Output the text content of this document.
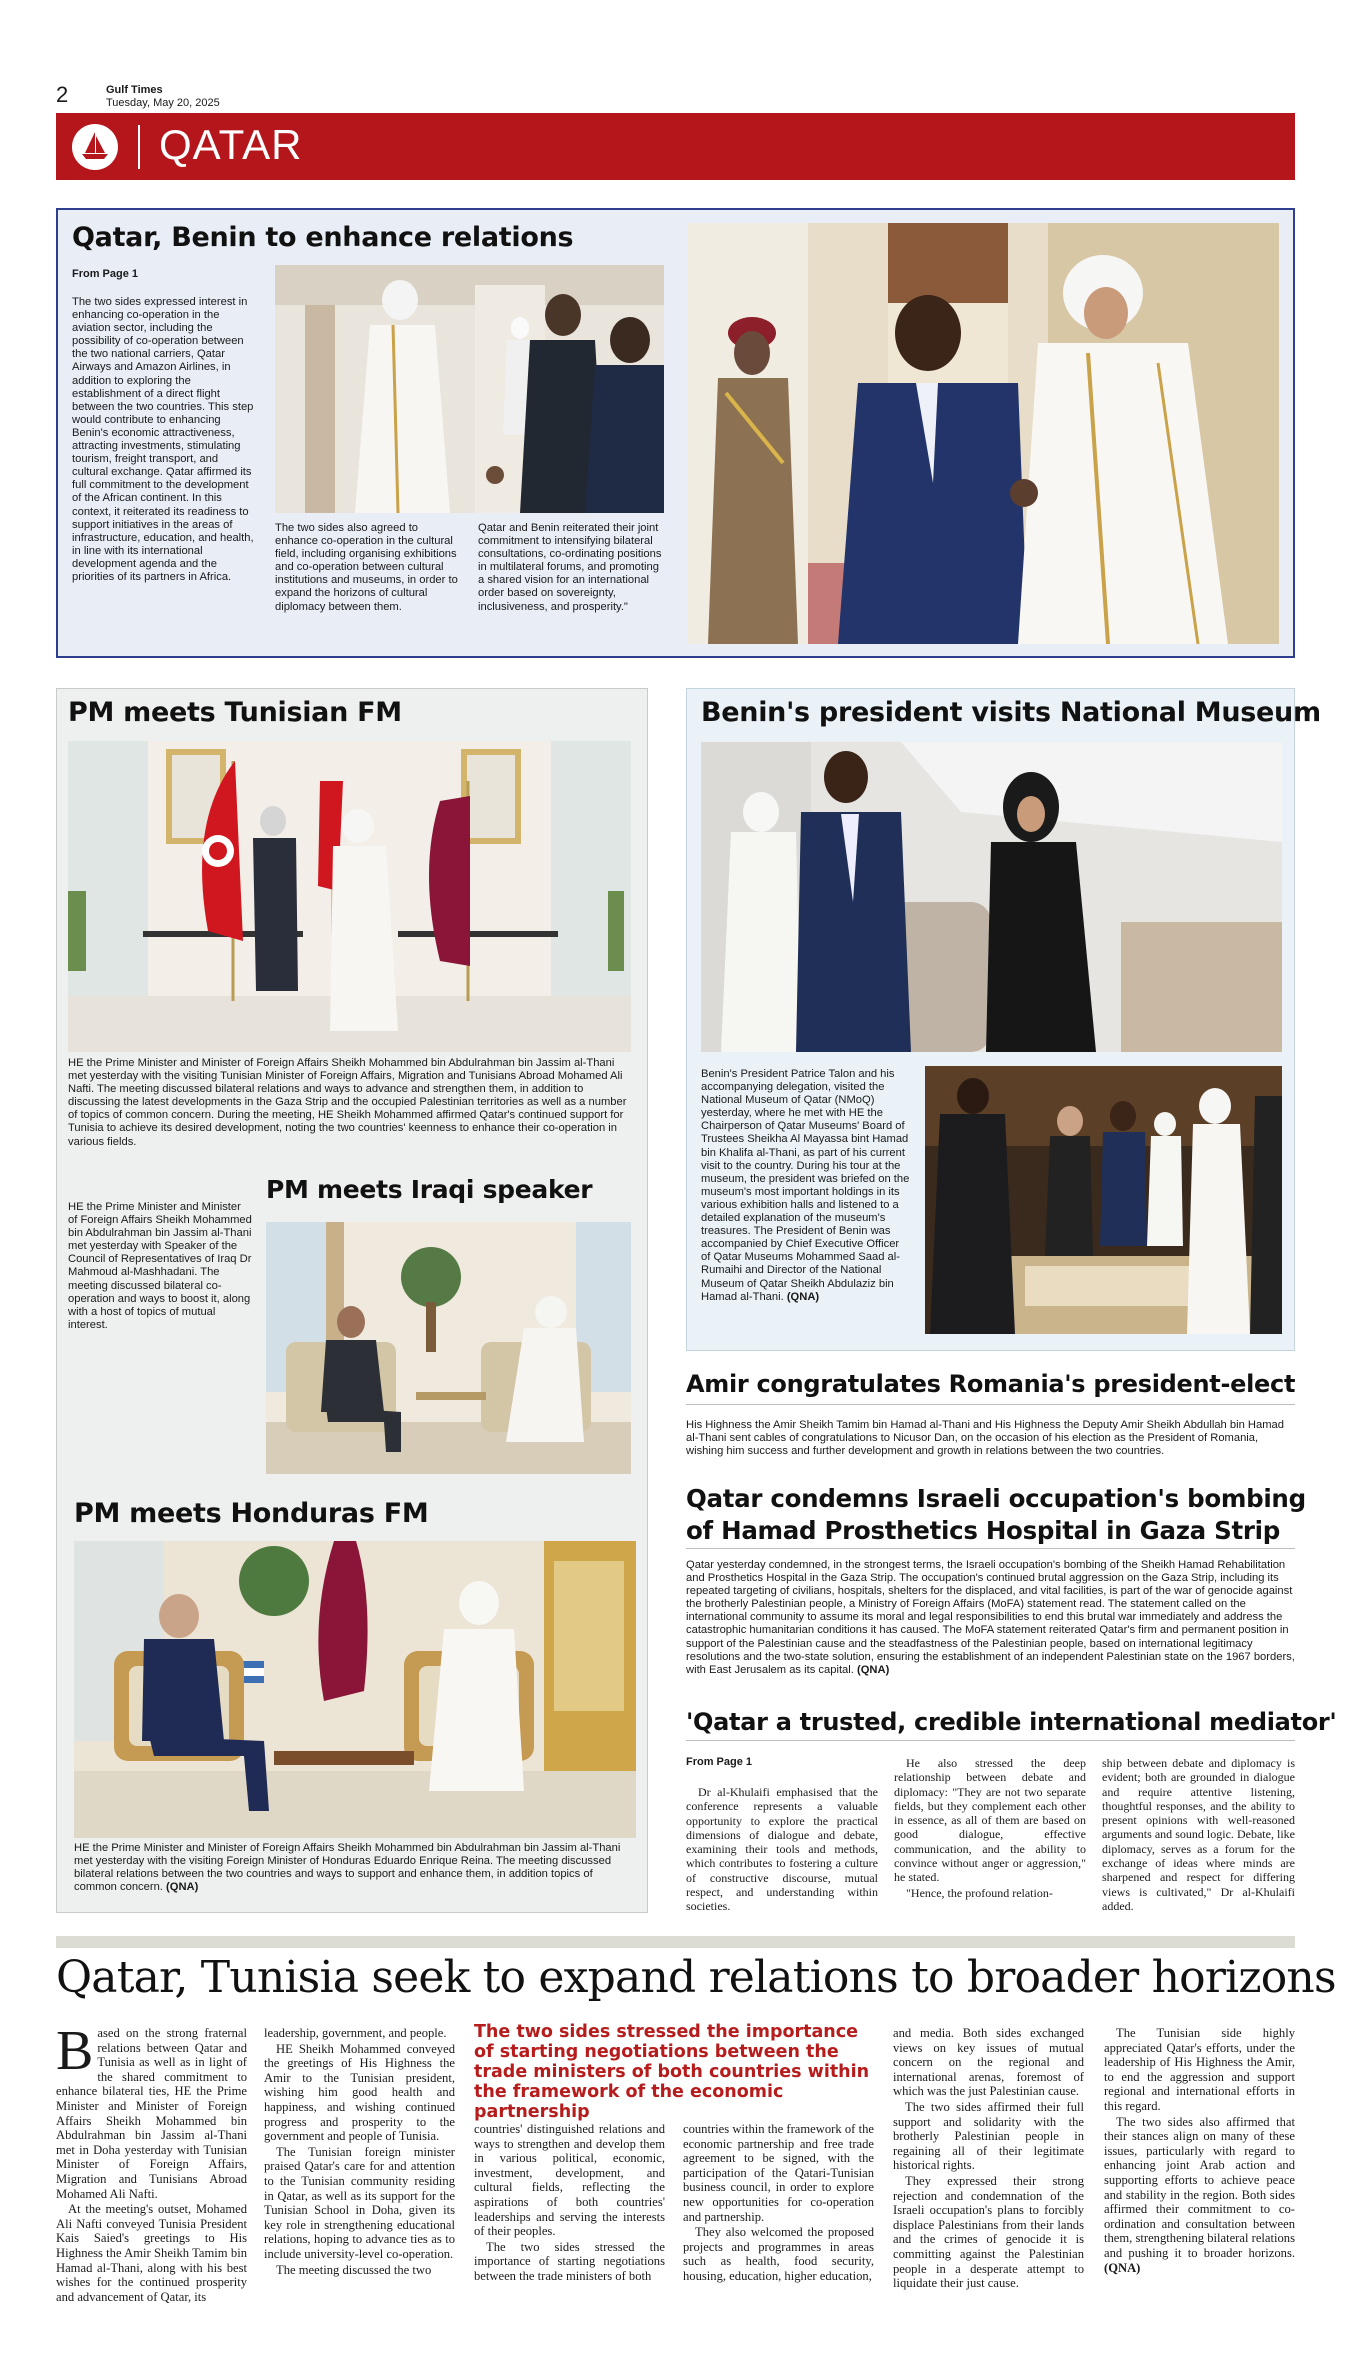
2	Gulf Times
Tuesday, May 20, 2025
QATAR
Qatar, Benin to enhance relations
From Page 1
The two sides expressed interest in enhancing co-operation in the aviation sector, including the possibility of co-operation between the two national carriers, Qatar Airways and Amazon Airlines, in addition to exploring the establishment of a direct flight between the two countries. This step would contribute to enhancing Benin's economic attractiveness, attracting investments, stimulating tourism, freight transport, and cultural exchange. Qatar affirmed its full commitment to the development of the African continent. In this context, it reiterated its readiness to support initiatives in the areas of infrastructure, education, and health, in line with its international development agenda and the priorities of its partners in Africa.
The two sides also agreed to enhance co-operation in the cultural field, including organising exhibitions and co-operation between cultural institutions and museums, in order to expand the horizons of cultural diplomacy between them.
Qatar and Benin reiterated their joint commitment to intensifying bilateral consultations, co-ordinating positions in multilateral forums, and promoting a shared vision for an international order based on sovereignty, inclusiveness, and prosperity."
PM meets Tunisian FM
HE the Prime Minister and Minister of Foreign Affairs Sheikh Mohammed bin Abdulrahman bin Jassim al-Thani met yesterday with the visiting Tunisian Minister of Foreign Affairs, Migration and Tunisians Abroad Mohamed Ali Nafti. The meeting discussed bilateral relations and ways to advance and strengthen them, in addition to discussing the latest developments in the Gaza Strip and the occupied Palestinian territories as well as a number of topics of common concern. During the meeting, HE Sheikh Mohammed affirmed Qatar's continued support for Tunisia to achieve its desired development, noting the two countries' keenness to enhance their co-operation in various fields.
HE the Prime Minister and Minister of Foreign Affairs Sheikh Mohammed bin Abdulrahman bin Jassim al-Thani met yesterday with Speaker of the Council of Representatives of Iraq Dr Mahmoud al-Mashhadani. The meeting discussed bilateral co-operation and ways to boost it, along with a host of topics of mutual interest.
PM meets Iraqi speaker
PM meets Honduras FM
HE the Prime Minister and Minister of Foreign Affairs Sheikh Mohammed bin Abdulrahman bin Jassim al-Thani met yesterday with the visiting Foreign Minister of Honduras Eduardo Enrique Reina. The meeting discussed bilateral relations between the two countries and ways to support and enhance them, in addition topics of common concern. (QNA)
Benin's president visits National Museum
Benin's President Patrice Talon and his accompanying delegation, visited the National Museum of Qatar (NMoQ) yesterday, where he met with HE the Chairperson of Qatar Museums' Board of Trustees Sheikha Al Mayassa bint Hamad bin Khalifa al-Thani, as part of his current visit to the country. During his tour at the museum, the president was briefed on the museum's most important holdings in its various exhibition halls and listened to a detailed explanation of the museum's treasures. The President of Benin was accompanied by Chief Executive Officer of Qatar Museums Mohammed Saad al-Rumaihi and Director of the National Museum of Qatar Sheikh Abdulaziz bin Hamad al-Thani. (QNA)
Amir congratulates Romania's president-elect
His Highness the Amir Sheikh Tamim bin Hamad al-Thani and His Highness the Deputy Amir Sheikh Abdullah bin Hamad al-Thani sent cables of congratulations to Nicusor Dan, on the occasion of his election as the President of Romania, wishing him success and further development and growth in relations between the two countries.
Qatar condemns Israeli occupation's bombing
of Hamad Prosthetics Hospital in Gaza Strip
Qatar yesterday condemned, in the strongest terms, the Israeli occupation's bombing of the Sheikh Hamad Rehabilitation and Prosthetics Hospital in the Gaza Strip. The occupation's continued brutal aggression on the Gaza Strip, including its repeated targeting of civilians, hospitals, shelters for the displaced, and vital facilities, is part of the war of genocide against the brotherly Palestinian people, a Ministry of Foreign Affairs (MoFA) statement read. The statement called on the international community to assume its moral and legal responsibilities to end this brutal war immediately and address the catastrophic humanitarian conditions it has caused. The MoFA statement reiterated Qatar's firm and permanent position in support of the Palestinian cause and the steadfastness of the Palestinian people, based on international legitimacy resolutions and the two-state solution, ensuring the establishment of an independent Palestinian state on the 1967 borders, with East Jerusalem as its capital. (QNA)
'Qatar a trusted, credible international mediator'
From Page 1
Dr al-Khulaifi emphasised that the conference represents a valuable opportunity to explore the practical dimensions of dialogue and debate, examining their tools and methods, which contributes to fostering a culture of constructive discourse, mutual respect, and understanding within societies.

He also stressed the deep relationship between debate and diplomacy: "They are not two separate fields, but they complement each other in essence, as all of them are based on good dialogue, effective communication, and the ability to convince without anger or aggression," he stated.

"Hence, the profound relation-

ship between debate and diplomacy is evident; both are grounded in dialogue and require attentive listening, thoughtful responses, and the ability to present opinions with well-reasoned arguments and sound logic. Debate, like diplomacy, serves as a forum for the exchange of ideas where minds are sharpened and respect for differing views is cultivated," Dr al-Khulaifi added.
Qatar, Tunisia seek to expand relations to broader horizons
B ased on the strong fraternal relations between Qatar and Tunisia as well as in light of the shared commitment to enhance bilateral ties, HE the Prime Minister and Minister of Foreign Affairs Sheikh Mohammed bin Abdulrahman bin Jassim al-Thani met in Doha yesterday with Tunisian Minister of Foreign Affairs, Migration and Tunisians Abroad Mohamed Ali Nafti.

At the meeting's outset, Mohamed Ali Nafti conveyed Tunisia President Kais Saied's greetings to His Highness the Amir Sheikh Tamim bin Hamad al-Thani, along with his best wishes for the continued prosperity and advancement of Qatar, its

leadership, government, and people.

HE Sheikh Mohammed conveyed the greetings of His Highness the Amir to the Tunisian president, wishing him good health and happiness, and wishing continued progress and prosperity to the government and people of Tunisia.

The Tunisian foreign minister praised Qatar's care for and attention to the Tunisian community residing in Qatar, as well as its support for the Tunisian School in Doha, given its key role in strengthening educational relations, hoping to advance ties as to include university-level co-operation.

The meeting discussed the two

The two sides stressed the importance of starting negotiations between the trade ministers of both countries within the framework of the economic partnership

countries' distinguished relations and ways to strengthen and develop them in various political, economic, investment, development, and cultural fields, reflecting the aspirations of both countries' leaderships and serving the interests of their peoples.

The two sides stressed the importance of starting negotiations between the trade ministers of both

countries within the framework of the economic partnership and free trade agreement to be signed, with the participation of the Qatari-Tunisian business council, in order to explore new opportunities for co-operation and partnership.

They also welcomed the proposed projects and programmes in areas such as health, food security, housing, education, higher education,

and media. Both sides exchanged views on key issues of mutual concern on the regional and international arenas, foremost of which was the just Palestinian cause.

The two sides affirmed their full support and solidarity with the brotherly Palestinian people in regaining all of their legitimate historical rights.

They expressed their strong rejection and condemnation of the Israeli occupation's plans to forcibly displace Palestinians from their lands and the crimes of genocide it is committing against the Palestinian people in a desperate attempt to liquidate their just cause.

The Tunisian side highly appreciated Qatar's efforts, under the leadership of His Highness the Amir, to end the aggression and support regional and international efforts in this regard.

The two sides also affirmed that their stances align on many of these issues, particularly with regard to enhancing joint Arab action and supporting efforts to achieve peace and stability in the region. Both sides affirmed their commitment to co-ordination and consultation between them, strengthening bilateral relations and pushing it to broader horizons. (QNA)
